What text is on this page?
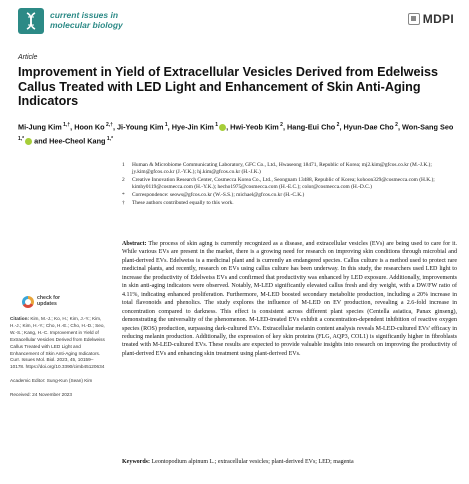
current issues in
molecular biology	MDPI
Article
Improvement in Yield of Extracellular Vesicles Derived from Edelweiss Callus Treated with LED Light and Enhancement of Skin Anti-Aging Indicators
Mi-Jung Kim $^{1,\dagger}$, Hoon Ko $^{2,\dagger}$, Ji-Young Kim $^1$, Hye-Jin Kim $^1$ , Hwi-Yeob Kim $^2$, Hang-Eui Cho $^2$, Hyun-Dae Cho $^2$, Won-Sang Seo $^{1,*}$ and Hee-Cheol Kang $^{1,*}$
1	Human & Microbiome Communicating Laboratory, GFC Co., Ltd., Hwaseong 18471, Republic of Korea; mj2.kim@gfcos.co.kr (M.-J.K.); jy.kim@gfcos.co.kr (J.-Y.K.); hj.kim@gfcos.co.kr (H.-J.K.)
2	Creative Innovation Research Center, Cosmecca Korea Co., Ltd., Seongnam 13488, Republic of Korea; kohoon329@cosmecca.com (H.K.); kimhy0119@cosmecca.com (H.-Y.K.); hecho1975@cosmecca.com (H.-E.C.); color@cosmecca.com (H.-D.C.)
*	Correspondence: seows@gfcos.co.kr (W.-S.S.); michael@gfcos.co.kr (H.-C.K.)
†	These authors contributed equally to this work.
Abstract: The process of skin aging is currently recognized as a disease, and extracellular vesicles (EVs) are being used to care for it. While various EVs are present in the market, there is a growing need for research on improving skin conditions through microbial and plant-derived EVs. Edelweiss is a medicinal plant and is currently an endangered species. Callus culture is a method used to protect rare medicinal plants, and recently, research on EVs using callus culture has been underway. In this study, the researchers used LED light to increase the productivity of Edelweiss EVs and confirmed that productivity was enhanced by LED exposure. Additionally, improvements in skin anti-aging indicators were observed. Notably, M-LED significantly elevated callus fresh and dry weight, with a DW/FW ratio of 4.11%, indicating enhanced proliferation. Furthermore, M-LED boosted secondary metabolite production, including a 20% increase in total flavonoids and phenolics. The study explores the influence of M-LED on EV production, revealing a 2.6-fold increase in concentration compared to darkness. This effect is consistent across different plant species (Centella asiatica, Panax ginseng), demonstrating the universality of the phenomenon. M-LED-treated EVs exhibit a concentration-dependent inhibition of reactive oxygen species (ROS) production, surpassing dark-cultured EVs. Extracellular melanin content analysis reveals M-LED-cultured EVs' efficacy in reducing melanin production. Additionally, the expression of key skin proteins (FLG, AQP3, COL1) is significantly higher in fibroblasts treated with M-LED-cultured EVs. These results are expected to provide valuable insights into research on improving the productivity of plant-derived EVs and enhancing skin treatment using plant-derived EVs.
Keywords: Leontopodium alpinum L.; extracellular vesicles; plant-derived EVs; LED; magenta
check for
updates
Citation: Kim, M.-J.; Ko, H.; Kim, J.-Y.; Kim, H.-J.; Kim, H.-Y.; Cho, H.-E.; Cho, H.-D.; Seo, W.-S.; Kang, H.-C. Improvement in Yield of Extracellular Vesicles Derived from Edelweiss Callus Treated with LED Light and Enhancement of Skin Anti-Aging Indicators. Curr. Issues Mol. Biol. 2023, 45, 10159–10178. https://doi.org/10.3390/cimb45120634
Academic Editor: Sung-Kun (Sean) Kim
Received: 24 November 2023
